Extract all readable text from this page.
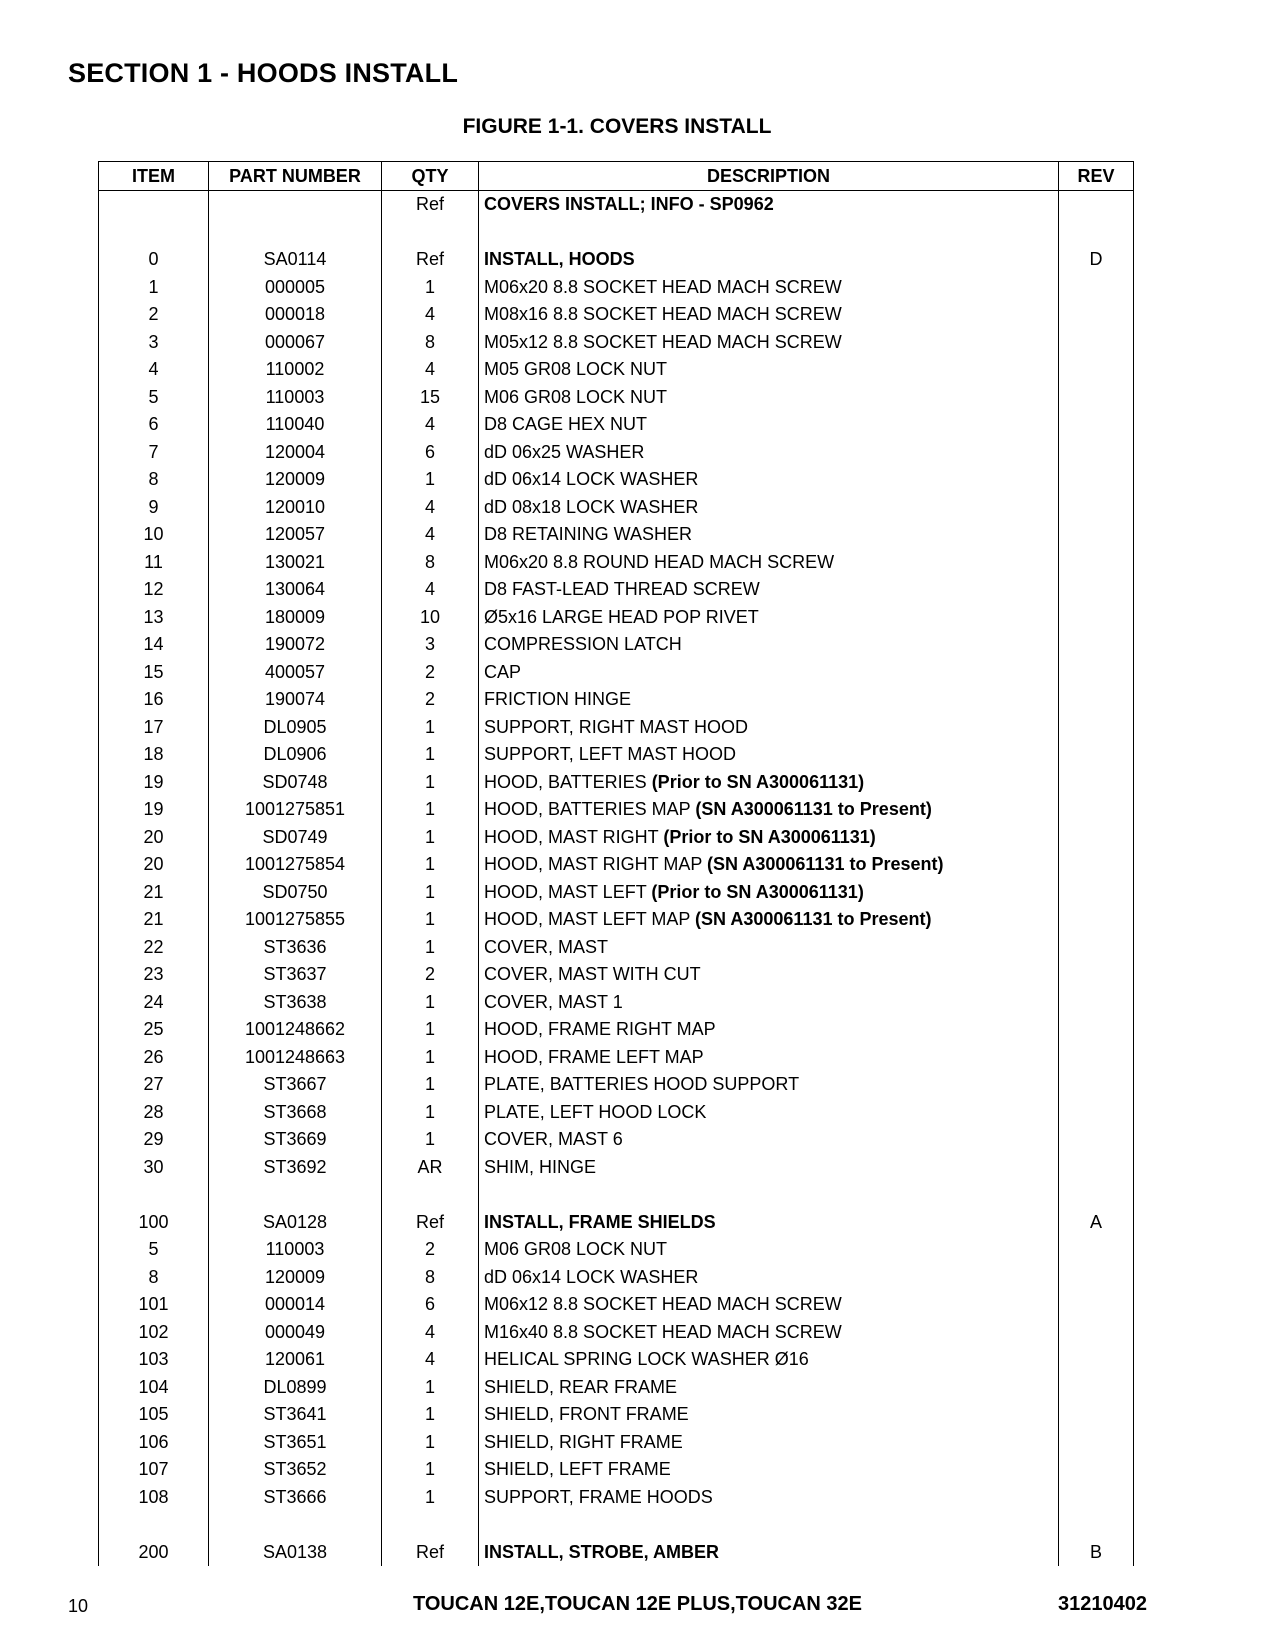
SECTION 1 - HOODS INSTALL
FIGURE 1-1. COVERS INSTALL
ITEM	PART NUMBER	QTY	DESCRIPTION	REV
		Ref	COVERS INSTALL; INFO - SP0962	

0	SA0114	Ref	INSTALL, HOODS	D
1	000005	1	M06x20 8.8 SOCKET HEAD MACH SCREW	
2	000018	4	M08x16 8.8 SOCKET HEAD MACH SCREW	
3	000067	8	M05x12 8.8 SOCKET HEAD MACH SCREW	
4	110002	4	M05 GR08 LOCK NUT	
5	110003	15	M06 GR08 LOCK NUT	
6	110040	4	D8 CAGE HEX NUT	
7	120004	6	dD 06x25 WASHER	
8	120009	1	dD 06x14 LOCK WASHER	
9	120010	4	dD 08x18 LOCK WASHER	
10	120057	4	D8 RETAINING WASHER	
11	130021	8	M06x20 8.8 ROUND HEAD MACH SCREW	
12	130064	4	D8 FAST-LEAD THREAD SCREW	
13	180009	10	Ø5x16 LARGE HEAD POP RIVET	
14	190072	3	COMPRESSION LATCH	
15	400057	2	CAP	
16	190074	2	FRICTION HINGE	
17	DL0905	1	SUPPORT, RIGHT MAST HOOD	
18	DL0906	1	SUPPORT, LEFT MAST HOOD	
19	SD0748	1	HOOD, BATTERIES (Prior to SN A300061131)	
19	1001275851	1	HOOD, BATTERIES MAP (SN A300061131 to Present)	
20	SD0749	1	HOOD, MAST RIGHT (Prior to SN A300061131)	
20	1001275854	1	HOOD, MAST RIGHT MAP (SN A300061131 to Present)	
21	SD0750	1	HOOD, MAST LEFT (Prior to SN A300061131)	
21	1001275855	1	HOOD, MAST LEFT MAP (SN A300061131 to Present)	
22	ST3636	1	COVER, MAST	
23	ST3637	2	COVER, MAST WITH CUT	
24	ST3638	1	COVER, MAST 1	
25	1001248662	1	HOOD, FRAME RIGHT MAP	
26	1001248663	1	HOOD, FRAME LEFT MAP	
27	ST3667	1	PLATE, BATTERIES HOOD SUPPORT	
28	ST3668	1	PLATE, LEFT HOOD LOCK	
29	ST3669	1	COVER, MAST 6	
30	ST3692	AR	SHIM, HINGE	

100	SA0128	Ref	INSTALL, FRAME SHIELDS	A
5	110003	2	M06 GR08 LOCK NUT	
8	120009	8	dD 06x14 LOCK WASHER	
101	000014	6	M06x12 8.8 SOCKET HEAD MACH SCREW	
102	000049	4	M16x40 8.8 SOCKET HEAD MACH SCREW	
103	120061	4	HELICAL SPRING LOCK WASHER Ø16	
104	DL0899	1	SHIELD, REAR FRAME	
105	ST3641	1	SHIELD, FRONT FRAME	
106	ST3651	1	SHIELD, RIGHT FRAME	
107	ST3652	1	SHIELD, LEFT FRAME	
108	ST3666	1	SUPPORT, FRAME HOODS	

200	SA0138	Ref	INSTALL, STROBE, AMBER	B
10	TOUCAN 12E,TOUCAN 12E PLUS,TOUCAN 32E	31210402
